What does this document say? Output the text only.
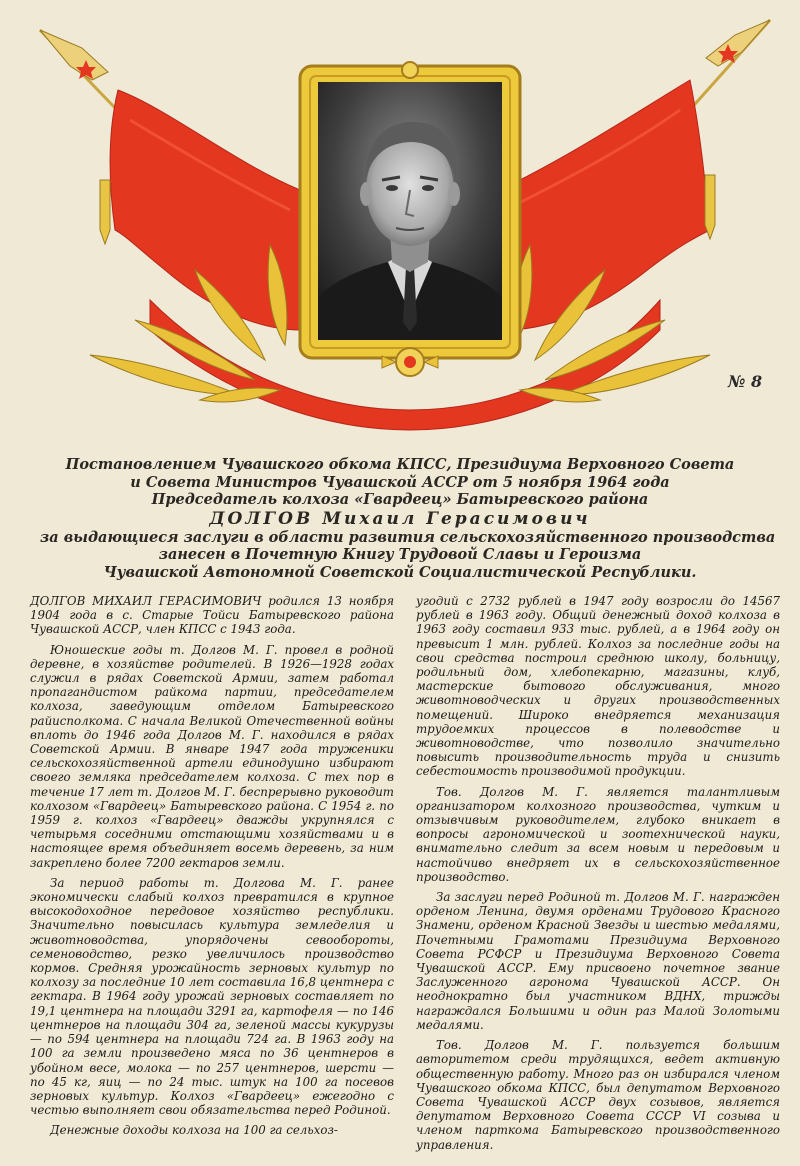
№ 8
Постановлением Чувашского обкома КПСС, Президиума Верховного Совета
и Совета Министров Чувашской АССР от 5 ноября 1964 года
Председатель колхоза «Гвардеец» Батыревского района
ДОЛГОВ Михаил Герасимович
за выдающиеся заслуги в области развития сельскохозяйственного производства
занесен в Почетную Книгу Трудовой Славы и Героизма
Чувашской Автономной Советской Социалистической Республики.

ДОЛГОВ МИХАИЛ ГЕРАСИМОВИЧ родился 13 ноября 1904 года в с. Старые Тойси Батыревского района Чувашской АССР, член КПСС с 1943 года.

Юношеские годы т. Долгов М. Г. провел в родной деревне, в хозяйстве родителей. В 1926—1928 годах служил в рядах Советской Армии, затем работал пропагандистом райкома партии, председателем колхоза, заведующим отделом Батыревского райисполкома. С начала Великой Отечественной войны вплоть до 1946 года Долгов М. Г. находился в рядах Советской Армии. В январе 1947 года труженики сельскохозяйственной артели единодушно избирают своего земляка председателем колхоза. С тех пор в течение 17 лет т. Долгов М. Г. беспрерывно руководит колхозом «Гвардеец» Батыревского района. С 1954 г. по 1959 г. колхоз «Гвардеец» дважды укрупнялся с четырьмя соседними отстающими хозяйствами и в настоящее время объединяет восемь деревень, за ним закреплено более 7200 гектаров земли.

За период работы т. Долгова М. Г. ранее экономически слабый колхоз превратился в крупное высокодоходное передовое хозяйство республики. Значительно повысилась культура земледелия и животноводства, упорядочены севообороты, семеноводство, резко увеличилось производство кормов. Средняя урожайность зерновых культур по колхозу за последние 10 лет составила 16,8 центнера с гектара. В 1964 году урожай зерновых составляет по 19,1 центнера на площади 3291 га, картофеля — по 146 центнеров на площади 304 га, зеленой массы кукурузы — по 594 центнера на площади 724 га. В 1963 году на 100 га земли произведено мяса по 36 центнеров в убойном весе, молока — по 257 центнеров, шерсти — по 45 кг, яиц — по 24 тыс. штук на 100 га посевов зерновых культур. Колхоз «Гвардеец» ежегодно с честью выполняет свои обязательства перед Родиной.

Денежные доходы колхоза на 100 га сельхоз-

угодий с 2732 рублей в 1947 году возросли до 14567 рублей в 1963 году. Общий денежный доход колхоза в 1963 году составил 933 тыс. рублей, а в 1964 году он превысит 1 млн. рублей. Колхоз за последние годы на свои средства построил среднюю школу, больницу, родильный дом, хлебопекарню, магазины, клуб, мастерские бытового обслуживания, много животноводческих и других производственных помещений. Широко внедряется механизация трудоемких процессов в полеводстве и животноводстве, что позволило значительно повысить производительность труда и снизить себестоимость производимой продукции.

Тов. Долгов М. Г. является талантливым организатором колхозного производства, чутким и отзывчивым руководителем, глубоко вникает в вопросы агрономической и зоотехнической науки, внимательно следит за всем новым и передовым и настойчиво внедряет их в сельскохозяйственное производство.

За заслуги перед Родиной т. Долгов М. Г. награжден орденом Ленина, двумя орденами Трудового Красного Знамени, орденом Красной Звезды и шестью медалями, Почетными Грамотами Президиума Верховного Совета РСФСР и Президиума Верховного Совета Чувашской АССР. Ему присвоено почетное звание Заслуженного агронома Чувашской АССР. Он неоднократно был участником ВДНХ, трижды награждался Большими и один раз Малой Золотыми медалями.

Тов. Долгов М. Г. пользуется большим авторитетом среди трудящихся, ведет активную общественную работу. Много раз он избирался членом Чувашского обкома КПСС, был депутатом Верховного Совета Чувашской АССР двух созывов, является депутатом Верховного Совета СССР VI созыва и членом парткома Батыревского производственного управления.
